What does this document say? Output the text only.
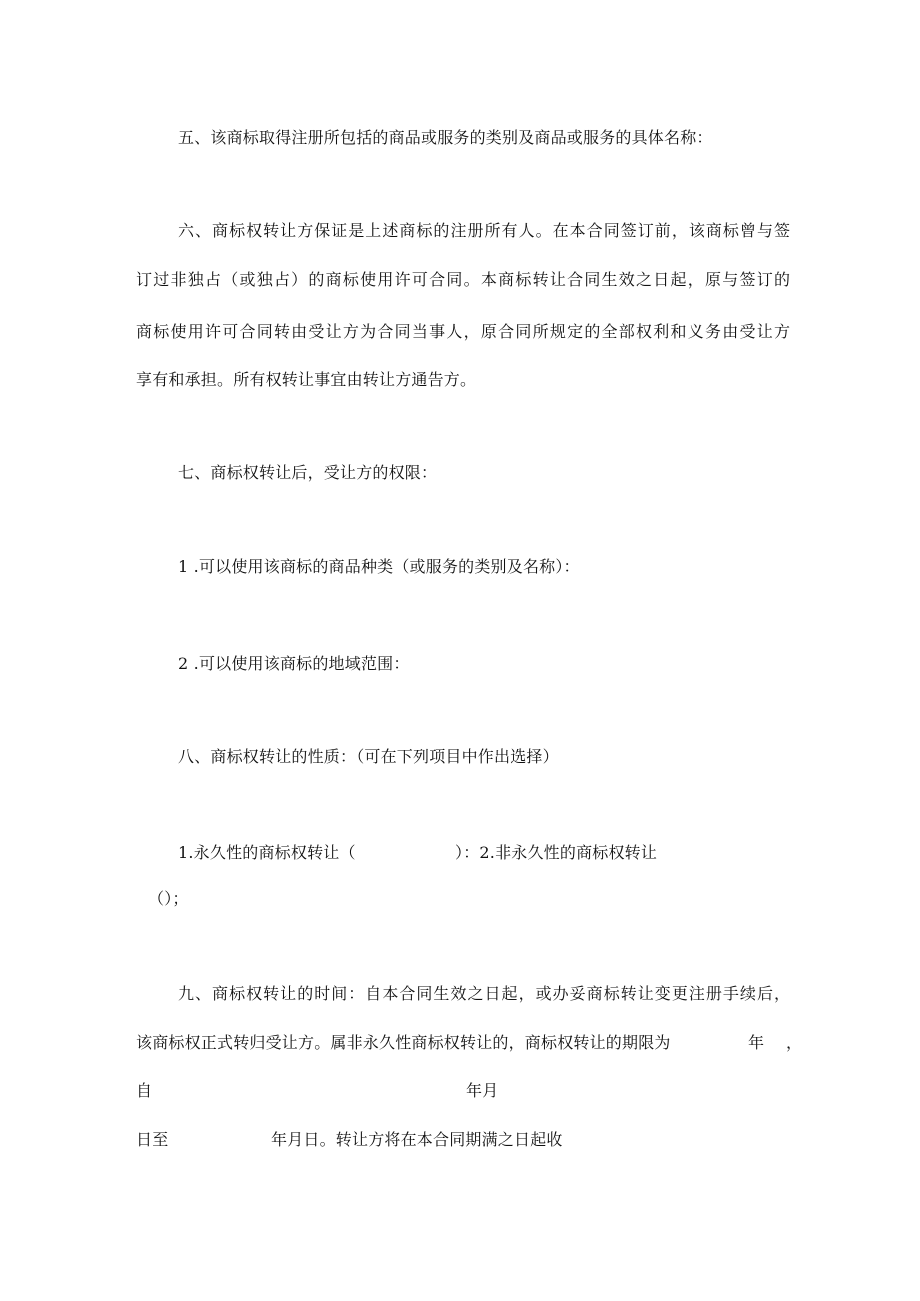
五、该商标取得注册所包括的商品或服务的类别及商品或服务的具体名称：
六、商标权转让方保证是上述商标的注册所有人。在本合同签订前，该商标曾与签
订过非独占（或独占）的商标使用许可合同。本商标转让合同生效之日起，原与签订的
商标使用许可合同转由受让方为合同当事人，原合同所规定的全部权利和义务由受让方
享有和承担。所有权转让事宜由转让方通告方。
七、商标权转让后，受让方的权限：
1 .可以使用该商标的商品种类（或服务的类别及名称）：
2 .可以使用该商标的地域范围：
八、商标权转让的性质：（可在下列项目中作出选择）
1.永久性的商标权转让（	）：2.非永久性的商标权转让
（）；
九、商标权转让的时间：自本合同生效之日起，或办妥商标转让变更注册手续后，
该商标权正式转归受让方。属非永久性商标权转让的，商标权转让的期限为	年 ，
自	年月
日至	年月日。转让方将在本合同期满之日起收
